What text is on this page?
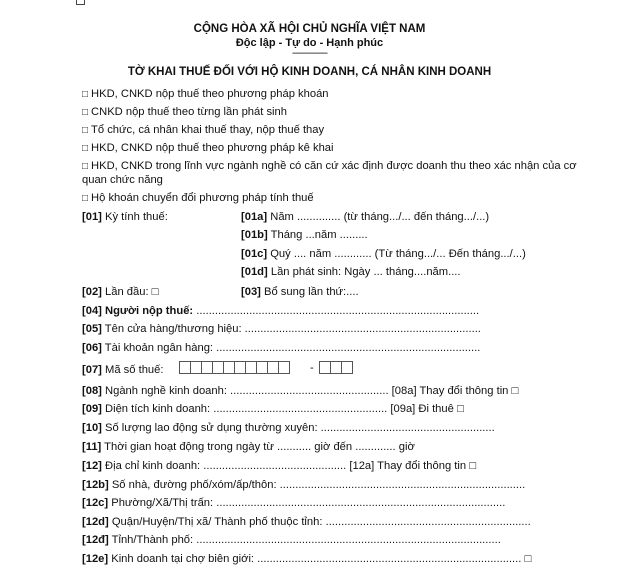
CỘNG HÒA XÃ HỘI CHỦ NGHĨA VIỆT NAM
Độc lập - Tự do - Hạnh phúc
---------------
TỜ KHAI THUẾ ĐỐI VỚI HỘ KINH DOANH, CÁ NHÂN KINH DOANH
□ HKD, CNKD nộp thuế theo phương pháp khoán
□ CNKD nộp thuế theo từng lần phát sinh
□ Tổ chức, cá nhân khai thuế thay, nộp thuế thay
□ HKD, CNKD nộp thuế theo phương pháp kê khai
□ HKD, CNKD trong lĩnh vực ngành nghề có căn cứ xác định được doanh thu theo xác nhận của cơ
quan chức năng
□ Hộ khoán chuyển đổi phương pháp tính thuế
[01] Kỳ tính thuế:	[01a] Năm .............. (từ tháng.../... đến tháng.../...)
[01b] Tháng ...năm .........
[01c] Quý .... năm ............ (Từ tháng.../... Đến tháng.../...)
[01d] Lần phát sinh: Ngày ... tháng....năm....
[02] Lần đầu: □	[03] Bổ sung lần thứ:....
[04] Người nộp thuế: ...........................................................................................
[05] Tên cửa hàng/thương hiệu: ............................................................................
[06] Tài khoản ngân hàng: .....................................................................................
[07] Mã số thuế:	-
[08] Ngành nghề kinh doanh: ................................................... [08a] Thay đổi thông tin □
[09] Diện tích kinh doanh: ........................................................ [09a] Đi thuê □
[10] Số lượng lao động sử dụng thường xuyên: ........................................................
[11] Thời gian hoạt động trong ngày từ ........... giờ đến ............. giờ
[12] Địa chỉ kinh doanh: .............................................. [12a] Thay đổi thông tin □
[12b] Số nhà, đường phố/xóm/ấp/thôn: ...............................................................................
[12c] Phường/Xã/Thị trấn: .............................................................................................
[12d] Quận/Huyện/Thị xã/ Thành phố thuộc tỉnh: ..................................................................
[12đ] Tỉnh/Thành phố: ..................................................................................................
[12e] Kinh doanh tại chợ biên giới: ..................................................................................... □
